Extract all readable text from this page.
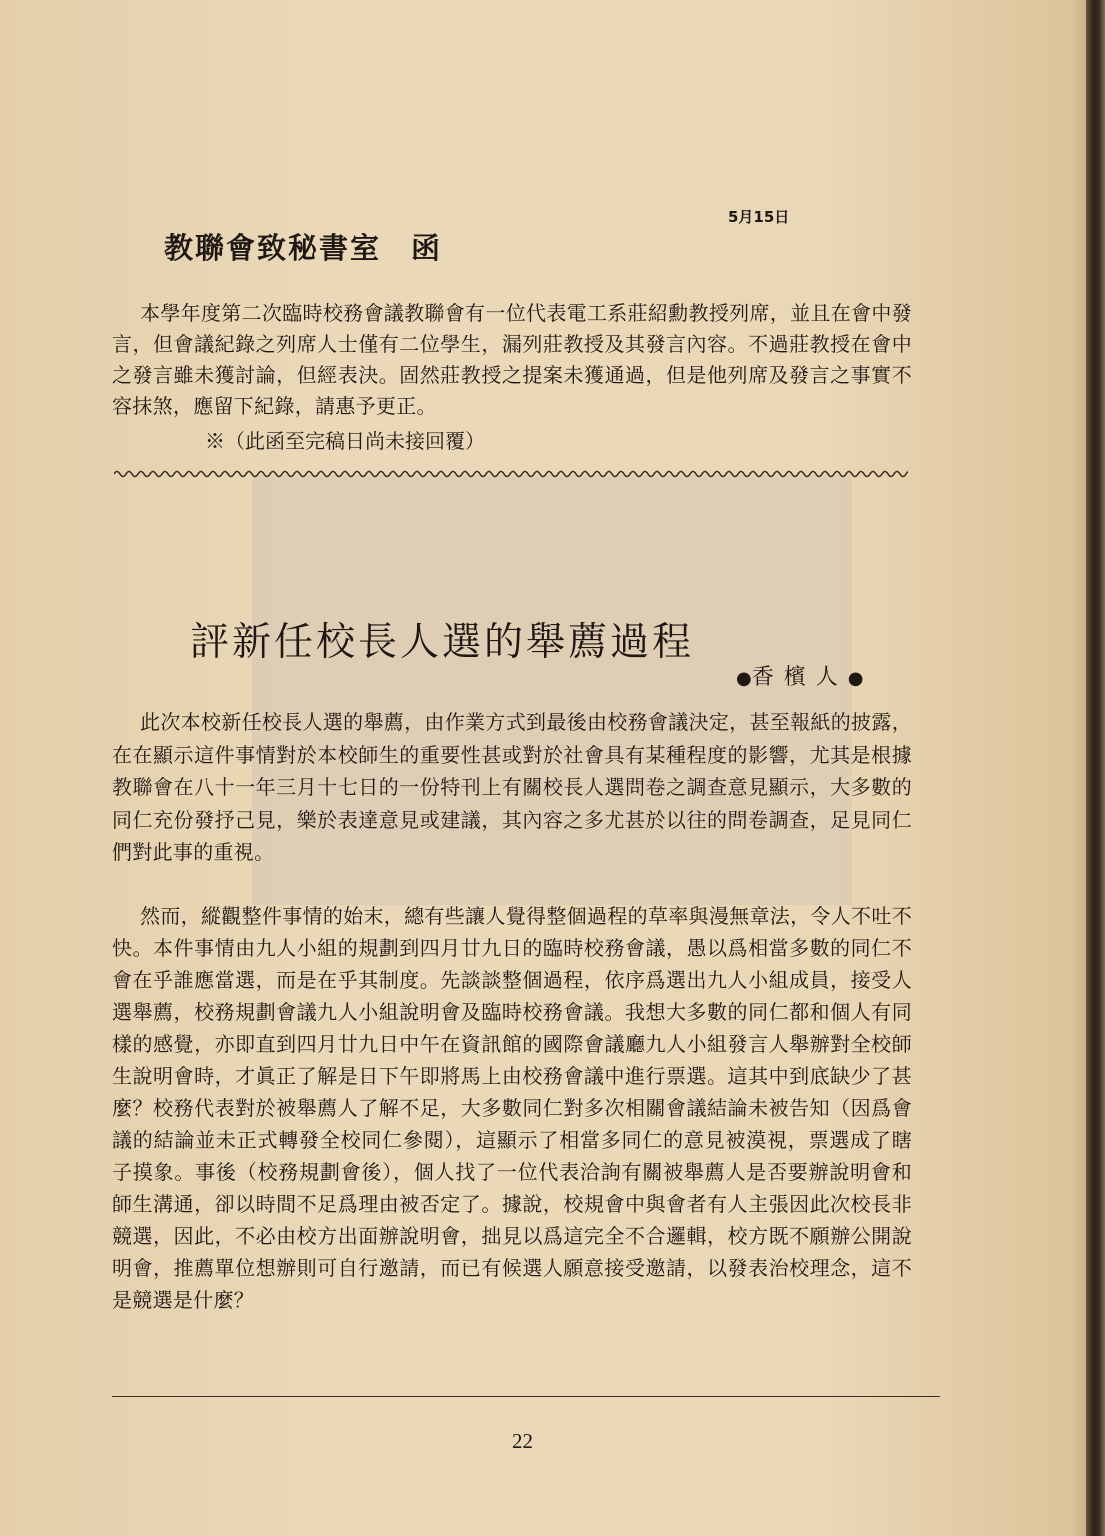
5月15日
教聯會致秘書室 函
本學年度第二次臨時校務會議教聯會有一位代表電工系莊紹勳教授列席，並且在會中發言，但會議紀錄之列席人士僅有二位學生，漏列莊教授及其發言內容。不過莊教授在會中之發言雖未獲討論，但經表決。固然莊教授之提案未獲通過，但是他列席及發言之事實不容抹煞，應留下紀錄，請惠予更正。
※（此函至完稿日尚未接回覆）
評新任校長人選的舉薦過程
●香檳人●
此次本校新任校長人選的舉薦，由作業方式到最後由校務會議決定，甚至報紙的披露，在在顯示這件事情對於本校師生的重要性甚或對於社會具有某種程度的影響，尤其是根據教聯會在八十一年三月十七日的一份特刊上有關校長人選問卷之調查意見顯示，大多數的同仁充份發抒己見，樂於表達意見或建議，其內容之多尤甚於以往的問卷調查，足見同仁們對此事的重視。
然而，縱觀整件事情的始末，總有些讓人覺得整個過程的草率與漫無章法，令人不吐不快。本件事情由九人小組的規劃到四月廿九日的臨時校務會議，愚以爲相當多數的同仁不會在乎誰應當選，而是在乎其制度。先談談整個過程，依序爲選出九人小組成員，接受人選舉薦，校務規劃會議九人小組說明會及臨時校務會議。我想大多數的同仁都和個人有同樣的感覺，亦即直到四月廿九日中午在資訊館的國際會議廳九人小組發言人舉辦對全校師生說明會時，才眞正了解是日下午即將馬上由校務會議中進行票選。這其中到底缺少了甚麼？校務代表對於被舉薦人了解不足，大多數同仁對多次相關會議結論未被告知（因爲會議的結論並未正式轉發全校同仁參閱），這顯示了相當多同仁的意見被漠視，票選成了瞎子摸象。事後（校務規劃會後），個人找了一位代表洽詢有關被舉薦人是否要辦說明會和師生溝通，卻以時間不足爲理由被否定了。據說，校規會中與會者有人主張因此次校長非競選，因此，不必由校方出面辦說明會，拙見以爲這完全不合邏輯，校方既不願辦公開說明會，推薦單位想辦則可自行邀請，而已有候選人願意接受邀請，以發表治校理念，這不是競選是什麼？
22
